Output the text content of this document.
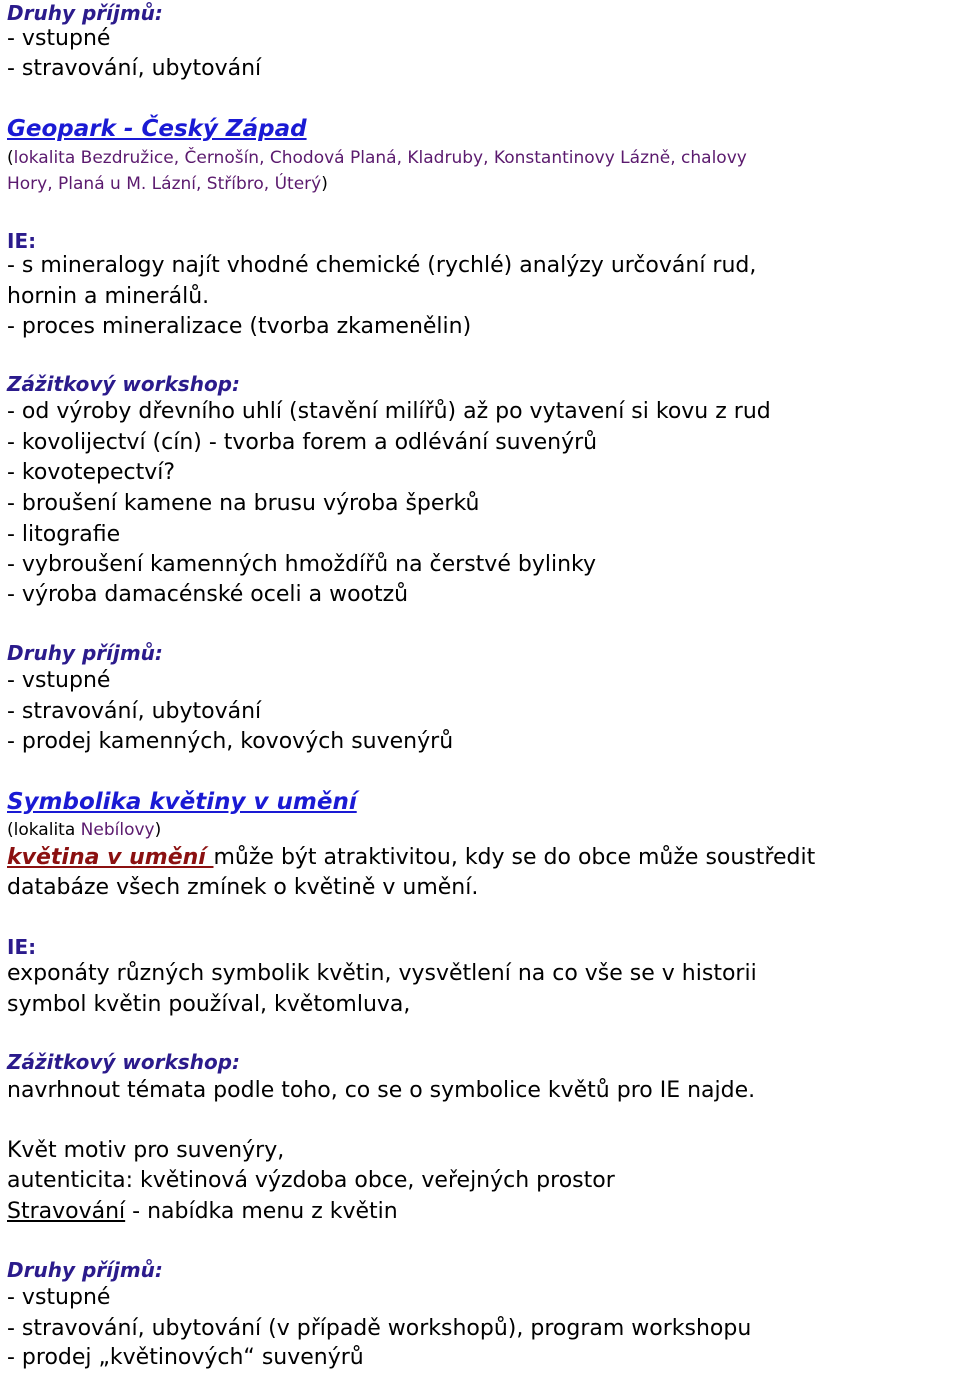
Druhy příjmů:
- vstupné
- stravování, ubytování
Geopark - Český Západ
(lokalita Bezdružice, Černošín, Chodová Planá, Kladruby, Konstantinovy Lázně, chalovy
Hory, Planá u M. Lázní, Stříbro, Úterý)
IE:
- s mineralogy najít vhodné chemické (rychlé) analýzy určování rud,
hornin a minerálů.
- proces mineralizace (tvorba zkamenělin)
Zážitkový workshop:
- od výroby dřevního uhlí (stavění milířů) až po vytavení si kovu z rud
- kovolijectví (cín) - tvorba forem a odlévání suvenýrů
- kovotepectví?
- broušení kamene na brusu výroba šperků
- litografie
- vybroušení kamenných hmoždířů na čerstvé bylinky
- výroba damacénské oceli a wootzů
Druhy příjmů:
- vstupné
- stravování, ubytování
- prodej kamenných, kovových suvenýrů
Symbolika květiny v umění
(lokalita Nebílovy)
květina v umění může být atraktivitou, kdy se do obce může soustředit
databáze všech zmínek o květině v umění.
IE:
exponáty různých symbolik květin, vysvětlení na co vše se v historii
symbol květin používal, květomluva,
Zážitkový workshop:
navrhnout témata podle toho, co se o symbolice květů pro IE najde.
Květ motiv pro suvenýry,
autenticita: květinová výzdoba obce, veřejných prostor
Stravování - nabídka menu z květin
Druhy příjmů:
- vstupné
- stravování, ubytování (v případě workshopů), program workshopu
- prodej „květinových“ suvenýrů
